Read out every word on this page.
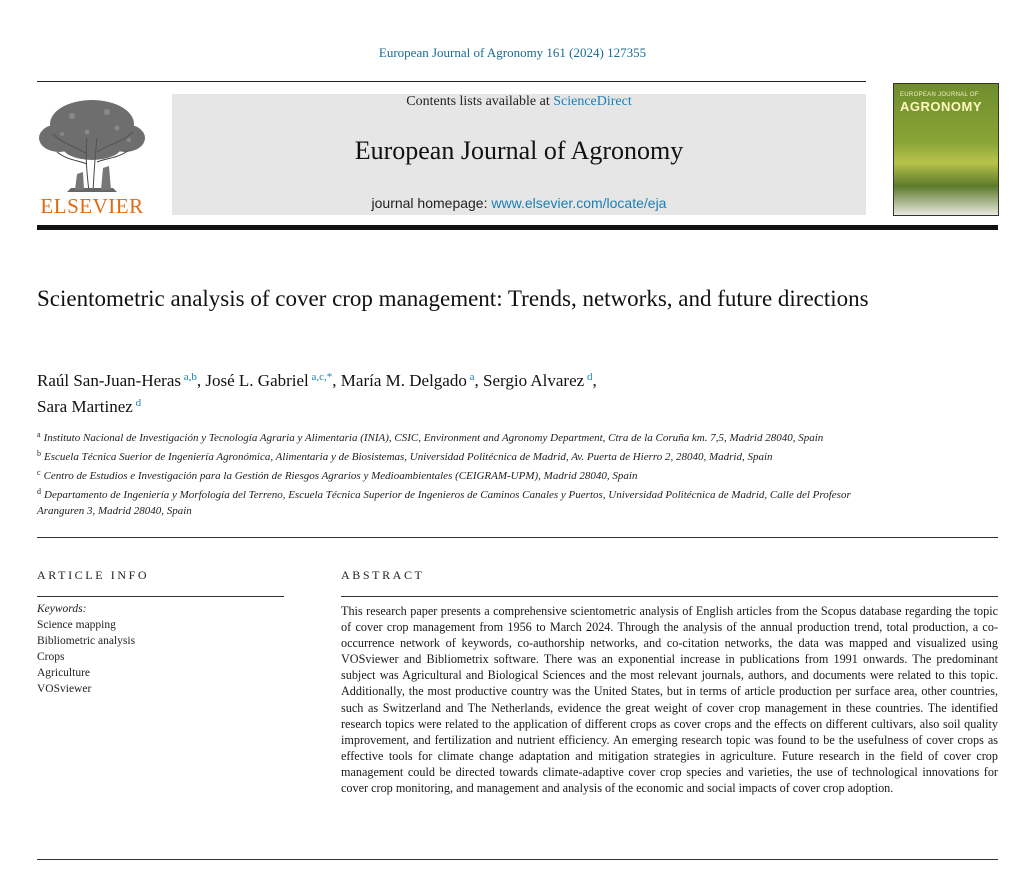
European Journal of Agronomy 161 (2024) 127355
ELSEVIER
Contents lists available at ScienceDirect
European Journal of Agronomy
journal homepage: www.elsevier.com/locate/eja
EUROPEAN JOURNAL OF
AGRONOMY
Scientometric analysis of cover crop management: Trends, networks, and future directions
Raúl San-Juan-Heras $^{a,b}$, José L. Gabriel $^{a,c,*}$, María M. Delgado $^a$, Sergio Alvarez $^d$,
Sara Martinez $^d$

$^a$ Instituto Nacional de Investigación y Tecnología Agraria y Alimentaria (INIA), CSIC, Environment and Agronomy Department, Ctra de la Coruña km. 7,5, Madrid 28040, Spain

$^b$ Escuela Técnica Suerior de Ingeniería Agronómica, Alimentaria y de Biosistemas, Universidad Politécnica de Madrid, Av. Puerta de Hierro 2, 28040, Madrid, Spain

$^c$ Centro de Estudios e Investigación para la Gestión de Riesgos Agrarios y Medioambientales (CEIGRAM-UPM), Madrid 28040, Spain

$^d$ Departamento de Ingeniería y Morfología del Terreno, Escuela Técnica Superior de Ingenieros de Caminos Canales y Puertos, Universidad Politécnica de Madrid, Calle del Profesor Aranguren 3, Madrid 28040, Spain

ARTICLE INFO	ABSTRACT
Keywords:
Science mapping
Bibliometric analysis
Crops
Agriculture
VOSviewer
This research paper presents a comprehensive scientometric analysis of English articles from the Scopus database regarding the topic of cover crop management from 1956 to March 2024. Through the analysis of the annual production trend, total production, a co-occurrence network of keywords, co-authorship networks, and co-citation networks, the data was mapped and visualized using VOSviewer and Bibliometrix software. There was an exponential increase in publications from 1991 onwards. The predominant subject was Agricultural and Biological Sciences and the most relevant journals, authors, and documents were related to this topic. Additionally, the most productive country was the United States, but in terms of article production per surface area, other countries, such as Switzerland and The Netherlands, evidence the great weight of cover crop management in these countries. The identified research topics were related to the application of different crops as cover crops and the effects on different cultivars, also soil quality improvement, and fertilization and nutrient efficiency. An emerging research topic was found to be the usefulness of cover crops as effective tools for climate change adaptation and mitigation strategies in agriculture. Future research in the field of cover crop management could be directed towards climate-adaptive cover crop species and varieties, the use of technological innovations for cover crop monitoring, and management and analysis of the economic and social impacts of cover crop adoption.
